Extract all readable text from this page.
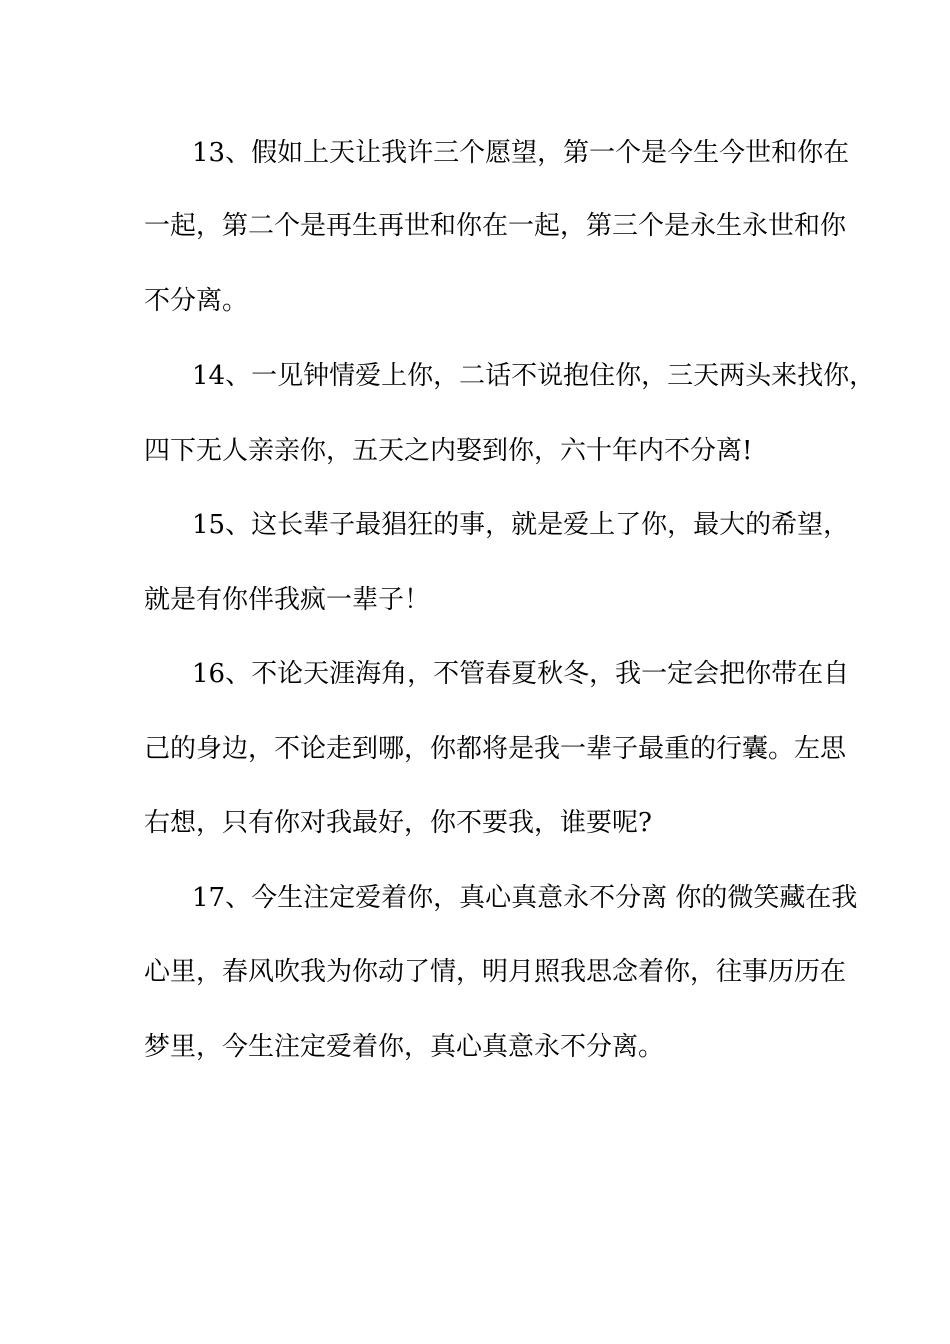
13、假如上天让我许三个愿望，第一个是今生今世和你在
一起，第二个是再生再世和你在一起，第三个是永生永世和你
不分离。
14、一见钟情爱上你，二话不说抱住你，三天两头来找你，
四下无人亲亲你，五天之内娶到你，六十年内不分离!
15、这长辈子最猖狂的事，就是爱上了你，最大的希望，
就是有你伴我疯一辈子！
16、不论天涯海角，不管春夏秋冬，我一定会把你带在自
己的身边，不论走到哪，你都将是我一辈子最重的行囊。左思
右想，只有你对我最好，你不要我，谁要呢?
17、今生注定爱着你，真心真意永不分离 你的微笑藏在我
心里，春风吹我为你动了情，明月照我思念着你，往事历历在
梦里，今生注定爱着你，真心真意永不分离。
